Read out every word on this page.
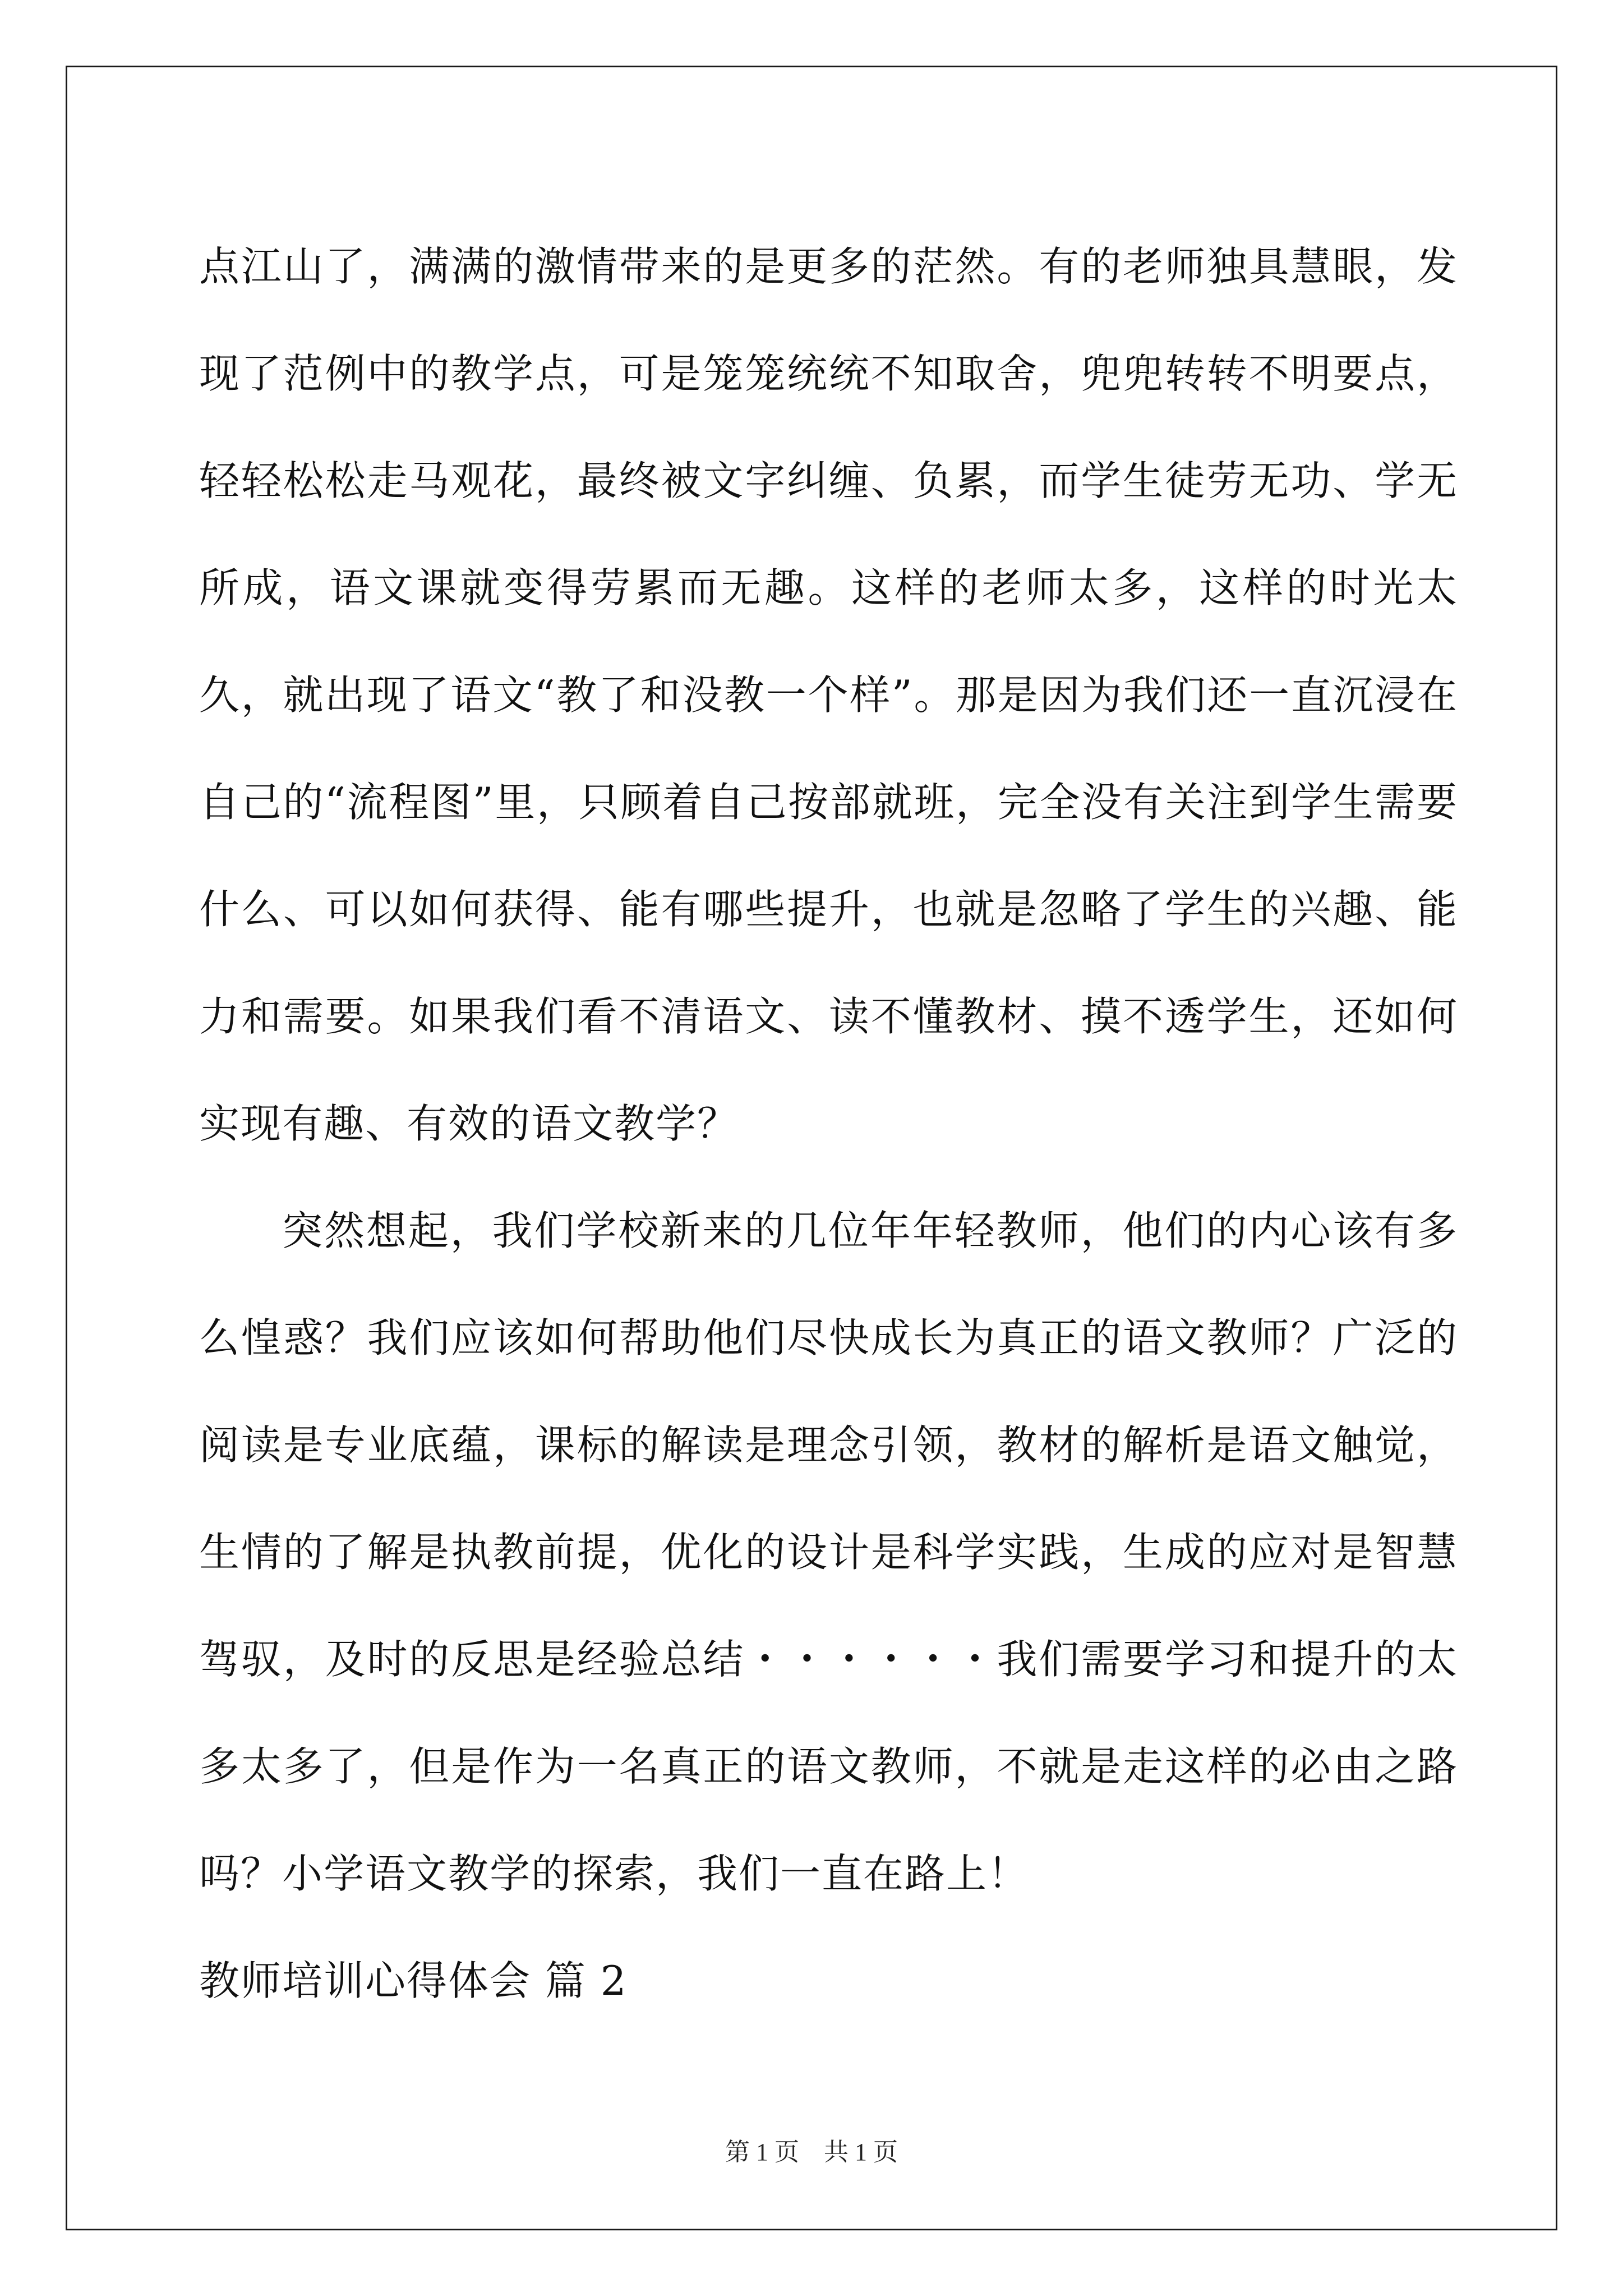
点江山了，满满的激情带来的是更多的茫然。有的老师独具慧眼，发现了范例中的教学点，可是笼笼统统不知取舍，兜兜转转不明要点，轻轻松松走马观花，最终被文字纠缠、负累，而学生徒劳无功、学无所成，语文课就变得劳累而无趣。这样的老师太多，这样的时光太久，就出现了语文“教了和没教一个样”。那是因为我们还一直沉浸在自己的“流程图”里，只顾着自己按部就班，完全没有关注到学生需要什么、可以如何获得、能有哪些提升，也就是忽略了学生的兴趣、能力和需要。如果我们看不清语文、读不懂教材、摸不透学生，还如何实现有趣、有效的语文教学？

突然想起，我们学校新来的几位年年轻教师，他们的内心该有多么惶惑？我们应该如何帮助他们尽快成长为真正的语文教师？广泛的阅读是专业底蕴，课标的解读是理念引领，教材的解析是语文触觉，生情的了解是执教前提，优化的设计是科学实践，生成的应对是智慧驾驭，及时的反思是经验总结・・・・・・我们需要学习和提升的太多太多了，但是作为一名真正的语文教师，不就是走这样的必由之路吗？小学语文教学的探索，我们一直在路上！

教师培训心得体会 篇 2

第 1 页    共 1 页
